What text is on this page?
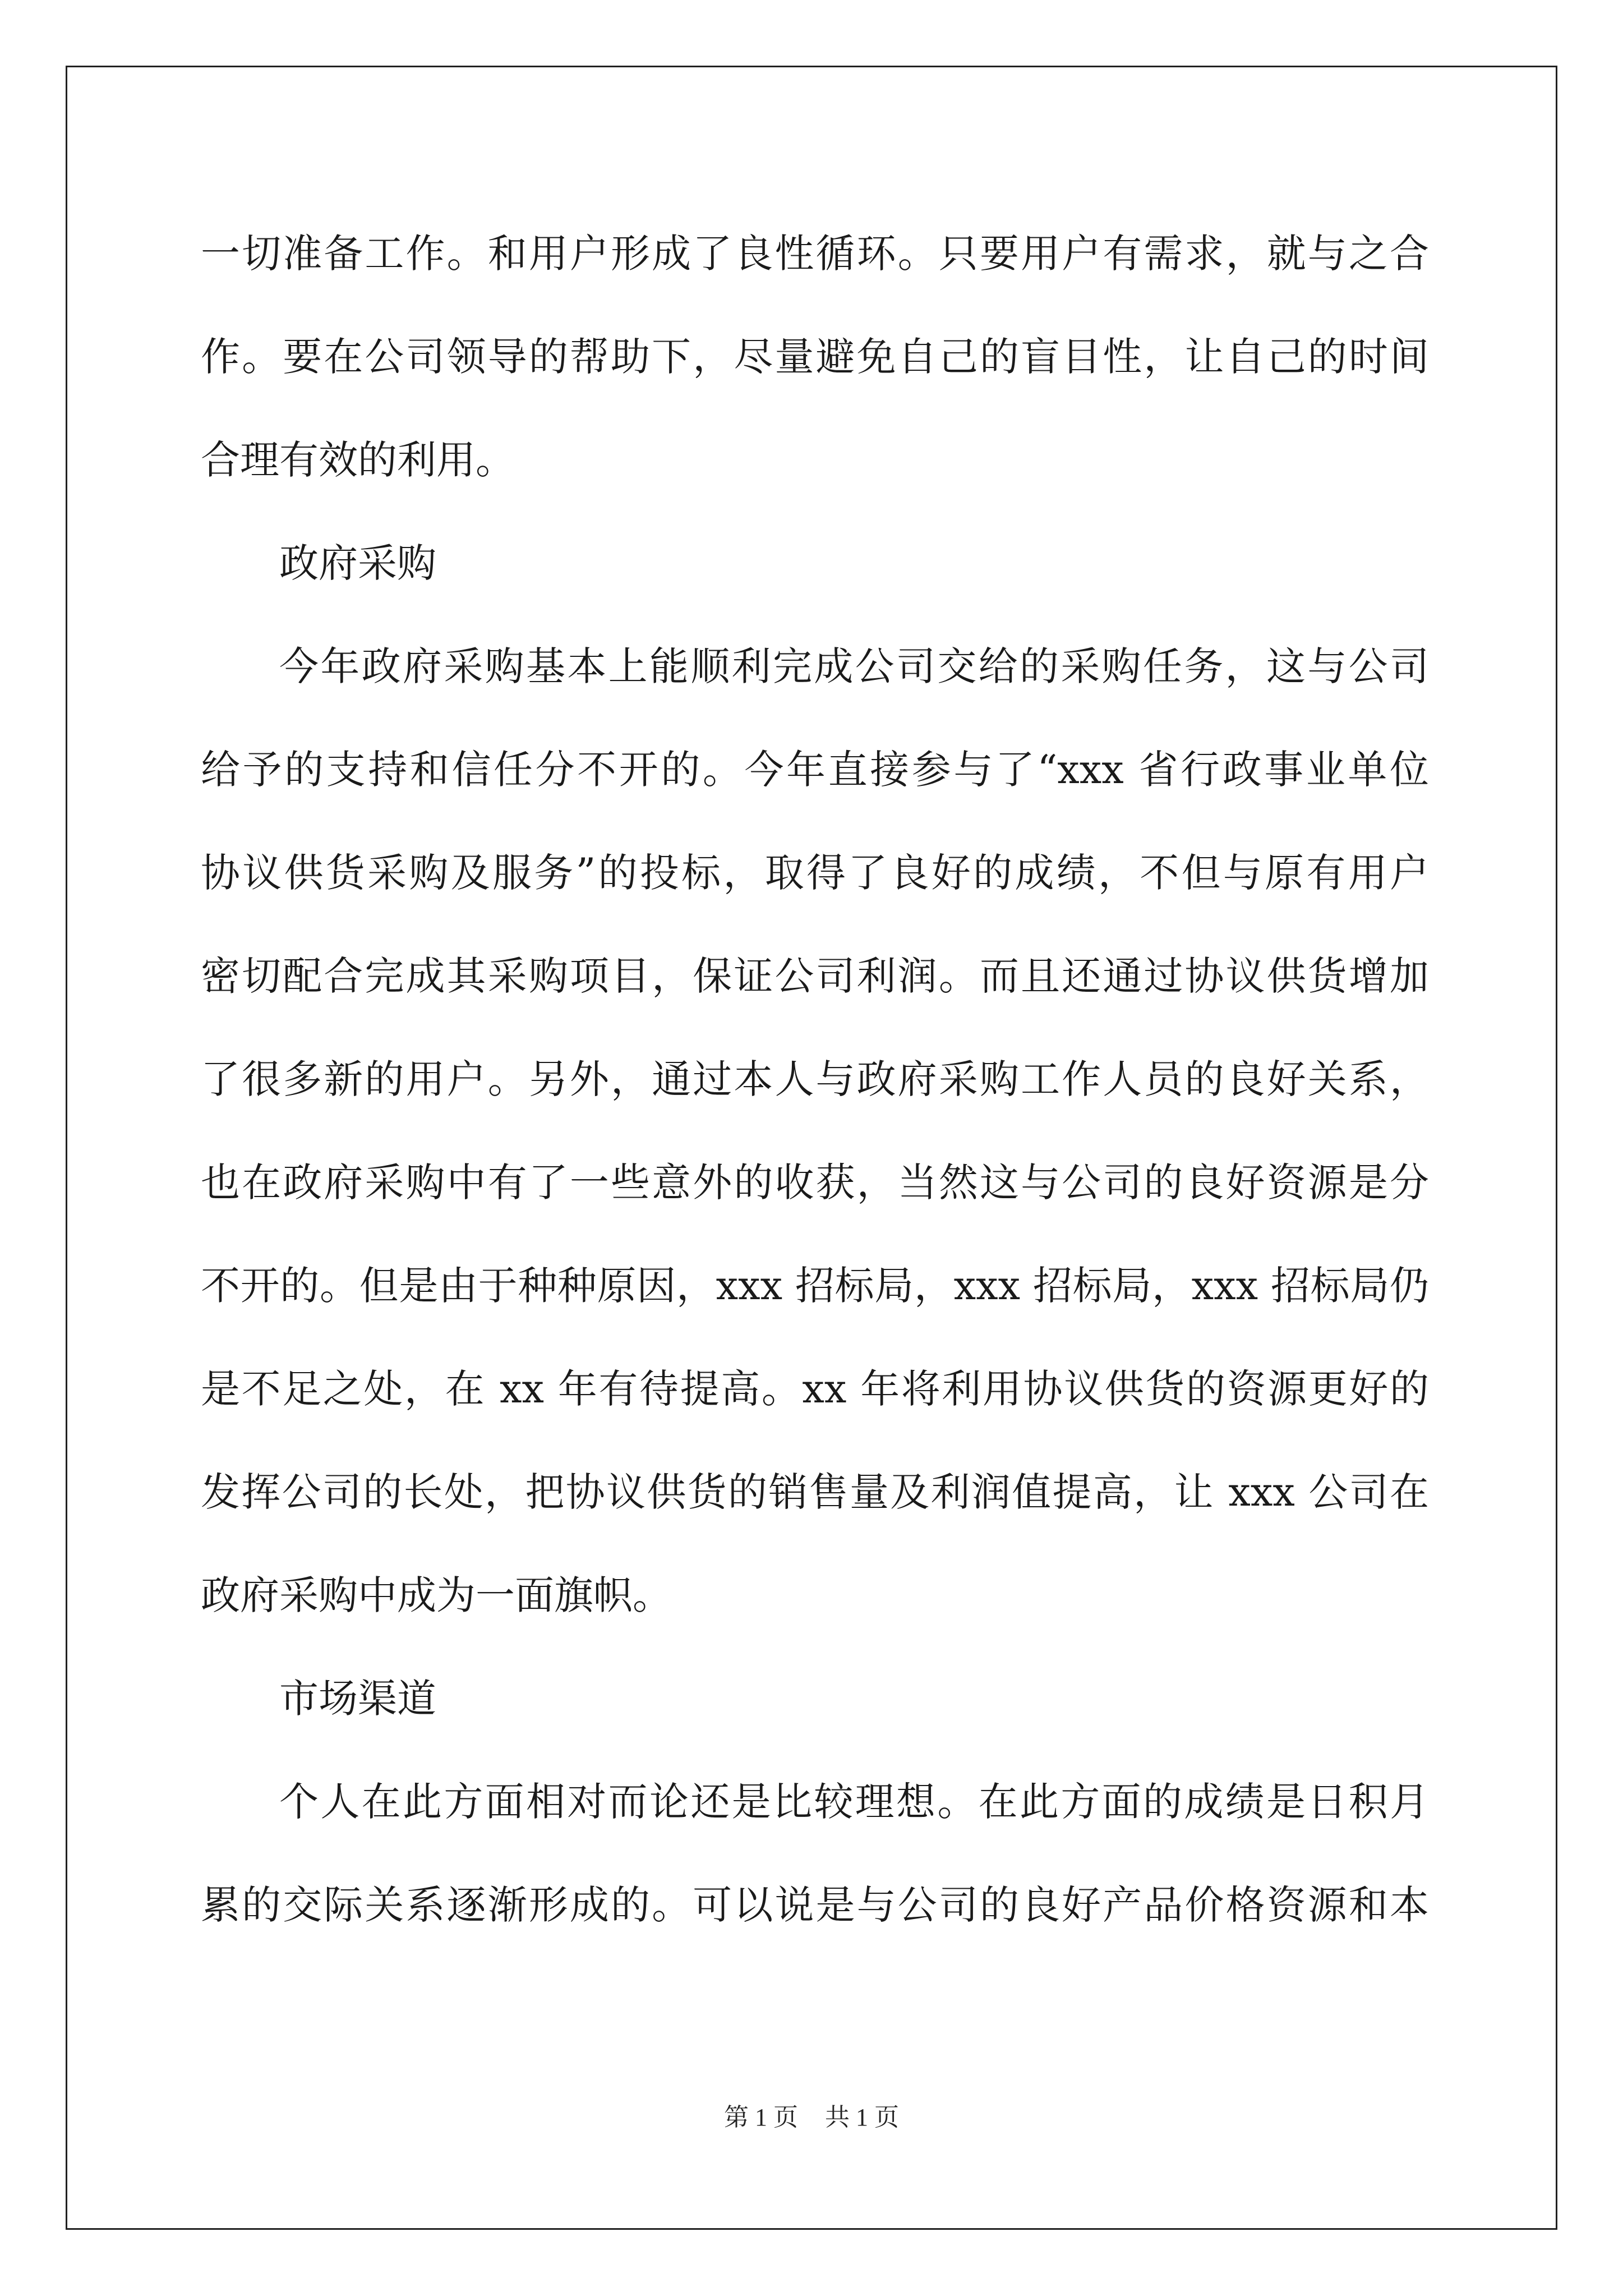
一切准备工作。和用户形成了良性循环。只要用户有需求，就与之合
作。要在公司领导的帮助下，尽量避免自己的盲目性，让自己的时间
合理有效的利用。
政府采购
今年政府采购基本上能顺利完成公司交给的采购任务，这与公司
给予的支持和信任分不开的。今年直接参与了“xxx 省行政事业单位
协议供货采购及服务”的投标，取得了良好的成绩，不但与原有用户
密切配合完成其采购项目，保证公司利润。而且还通过协议供货增加
了很多新的用户。另外，通过本人与政府采购工作人员的良好关系，
也在政府采购中有了一些意外的收获，当然这与公司的良好资源是分
不开的。但是由于种种原因，xxx 招标局，xxx 招标局，xxx 招标局仍
是不足之处，在 xx 年有待提高。xx 年将利用协议供货的资源更好的
发挥公司的长处，把协议供货的销售量及利润值提高，让 xxx 公司在
政府采购中成为一面旗帜。
市场渠道
个人在此方面相对而论还是比较理想。在此方面的成绩是日积月
累的交际关系逐渐形成的。可以说是与公司的良好产品价格资源和本
第 1 页 共 1 页
